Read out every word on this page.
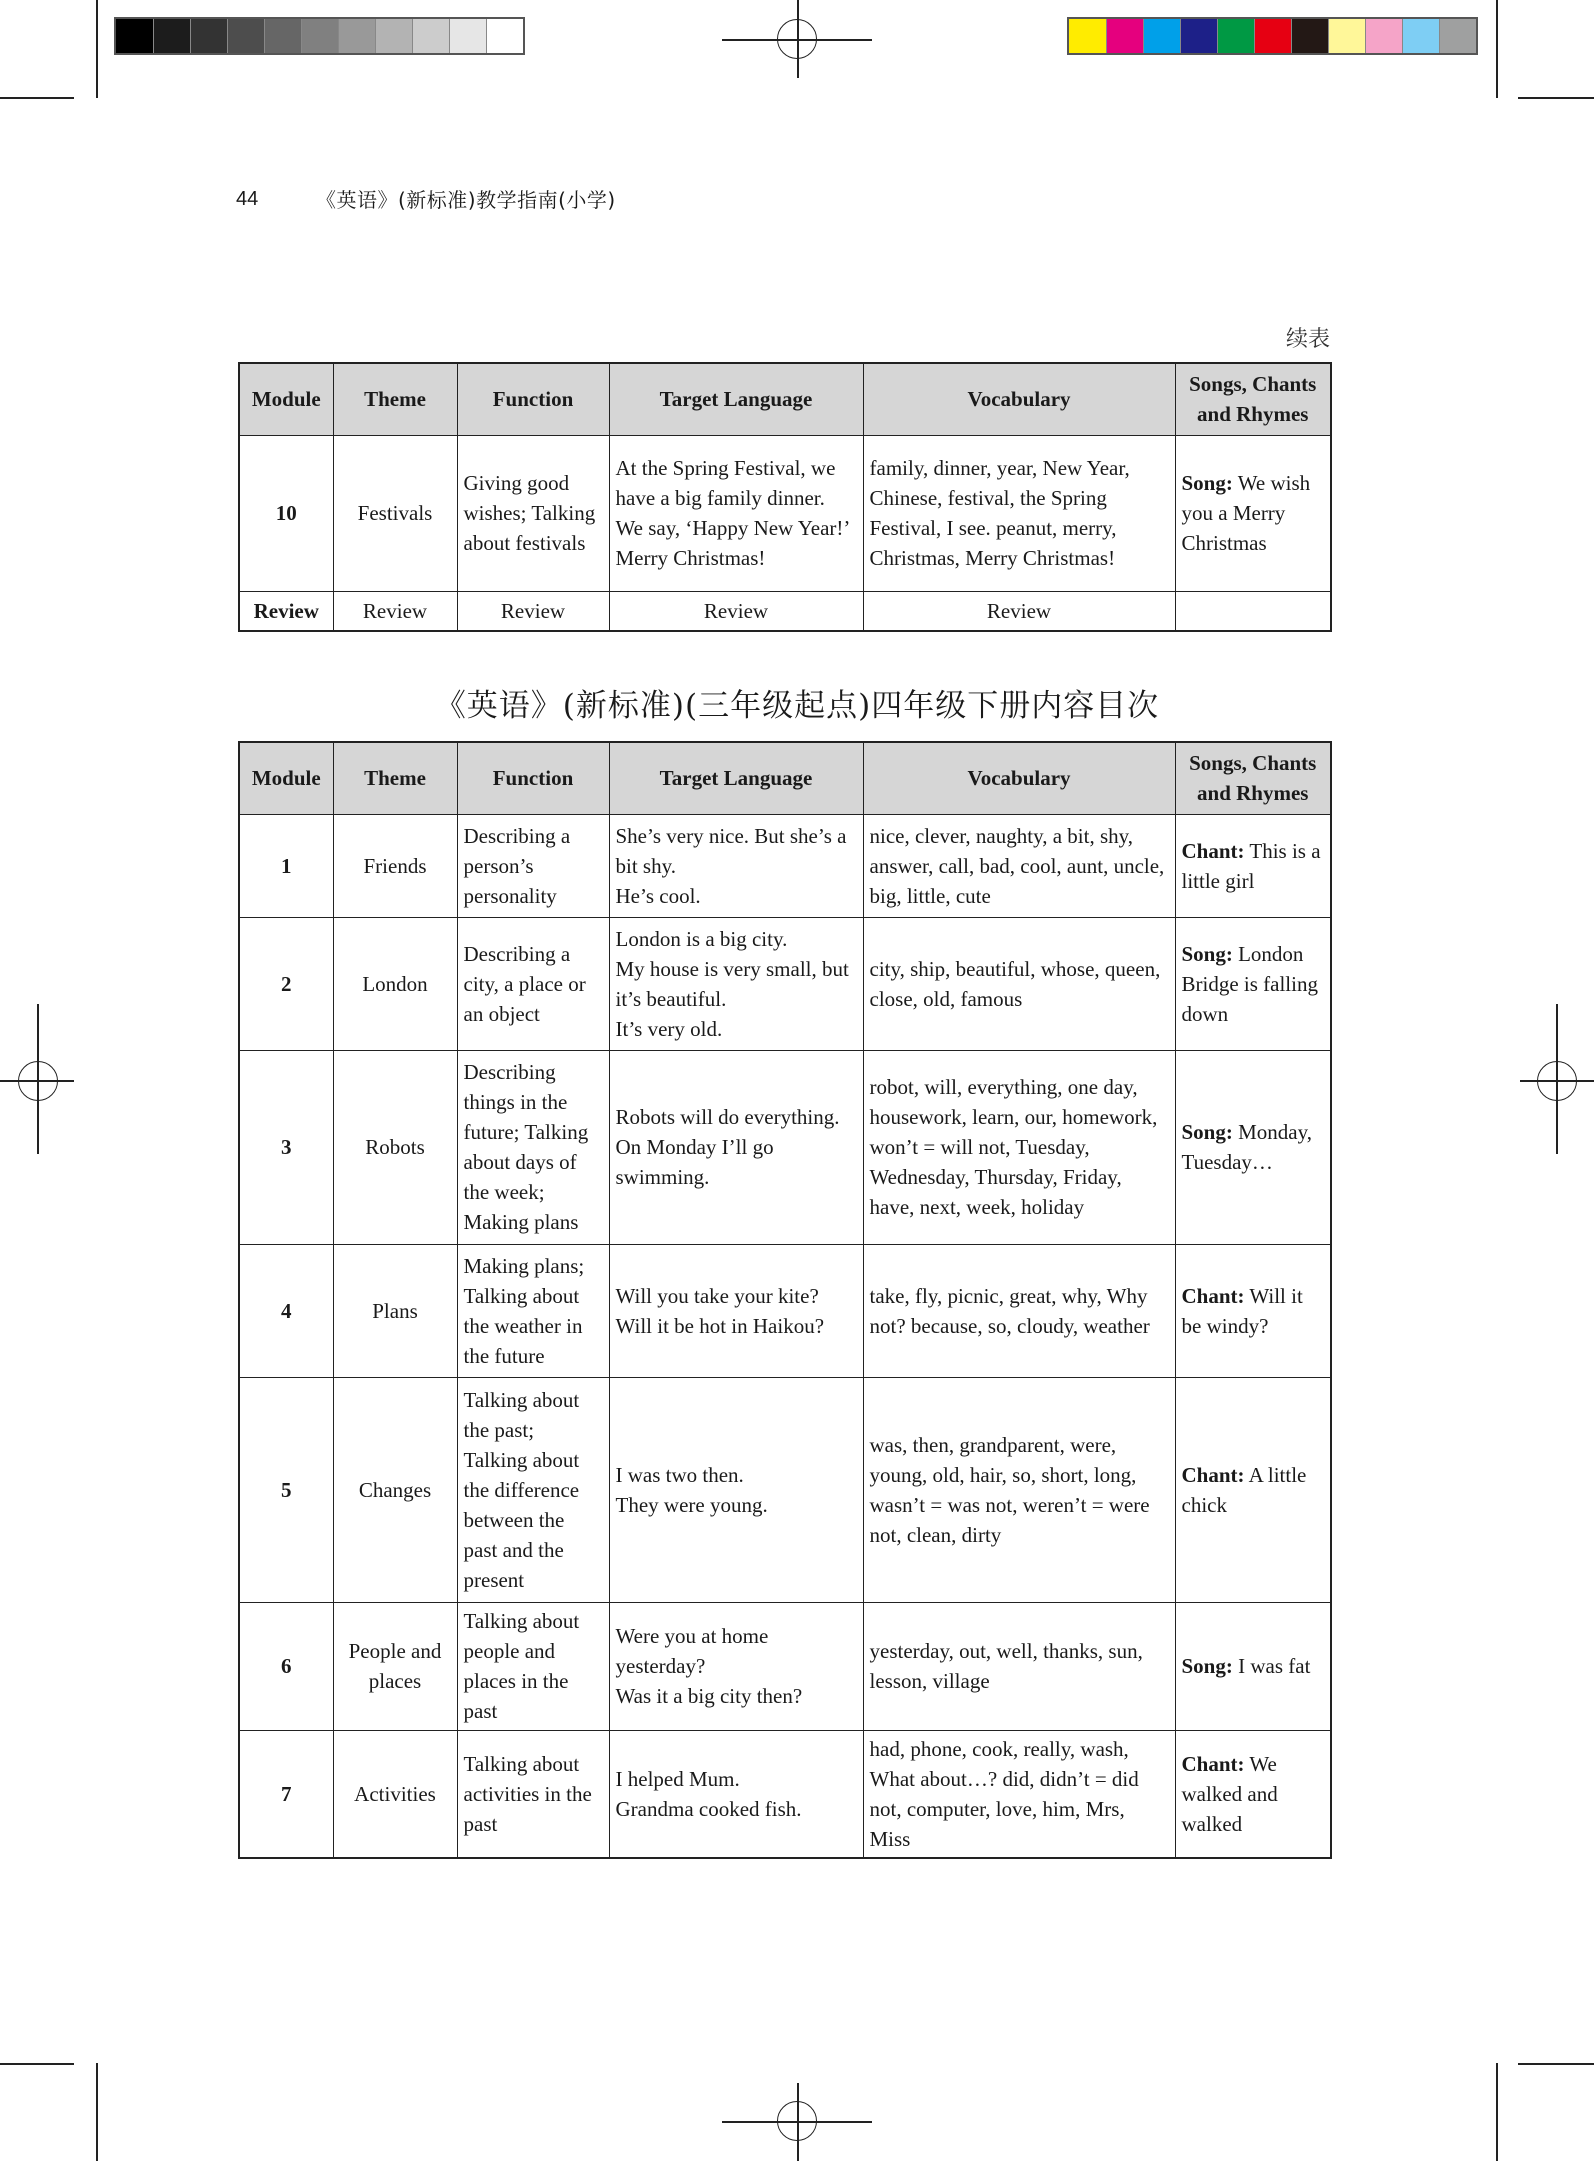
44	《英语》(新标准)教学指南(小学)
续表
Module	Theme	Function	Target Language	Vocabulary	Songs, Chants and Rhymes
10	Festivals	Giving good wishes; Talking about festivals	At the Spring Festival, we have a big family dinner.
We say, ‘Happy New Year!’
Merry Christmas!	family, dinner, year, New Year, Chinese, festival, the Spring Festival, I see. peanut, merry, Christmas, Merry Christmas!	Song: We wish you a Merry Christmas
Review	Review	Review	Review	Review	
《英语》(新标准)(三年级起点)四年级下册内容目次
Module	Theme	Function	Target Language	Vocabulary	Songs, Chants and Rhymes
1	Friends	Describing a person’s personality	She’s very nice. But she’s a bit shy.
He’s cool.	nice, clever, naughty, a bit, shy, answer, call, bad, cool, aunt, uncle, big, little, cute	Chant: This is a little girl
2	London	Describing a city, a place or an object	London is a big city.
My house is very small, but it’s beautiful.
It’s very old.	city, ship, beautiful, whose, queen, close, old, famous	Song: London Bridge is falling down
3	Robots	Describing things in the future; Talking about days of the week; Making plans	Robots will do everything.
On Monday I’ll go swimming.	robot, will, everything, one day, housework, learn, our, homework, won’t = will not, Tuesday, Wednesday, Thursday, Friday, have, next, week, holiday	Song: Monday, Tuesday…
4	Plans	Making plans; Talking about the weather in the future	Will you take your kite?
Will it be hot in Haikou?	take, fly, picnic, great, why, Why not? because, so, cloudy, weather	Chant: Will it be windy?
5	Changes	Talking about the past; Talking about the difference between the past and the present	I was two then.
They were young.	was, then, grandparent, were, young, old, hair, so, short, long, wasn’t = was not, weren’t = were not, clean, dirty	Chant: A little chick
6	People and places	Talking about people and places in the past	Were you at home yesterday?
Was it a big city then?	yesterday, out, well, thanks, sun, lesson, village	Song: I was fat
7	Activities	Talking about activities in the past	I helped Mum.
Grandma cooked fish.	had, phone, cook, really, wash, What about…? did, didn’t = did not, computer, love, him, Mrs, Miss	Chant: We walked and walked
